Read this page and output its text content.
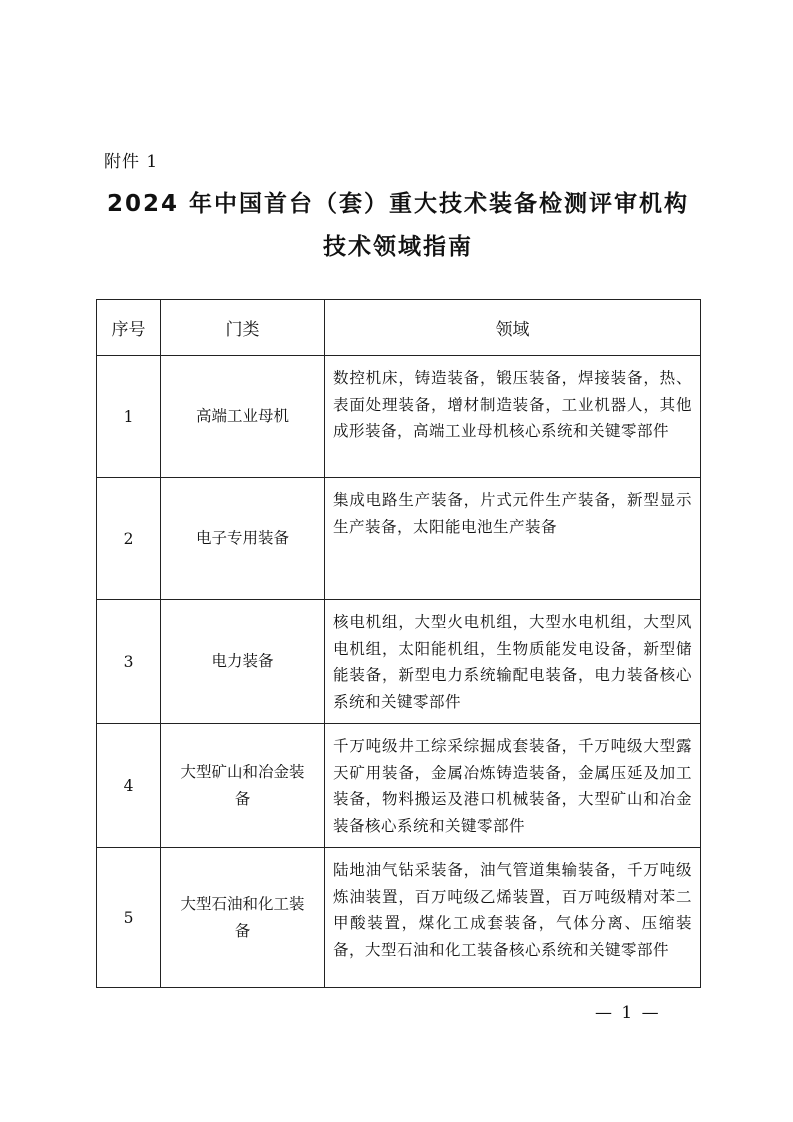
附件 1
2024 年中国首台（套）重大技术装备检测评审机构
技术领域指南
序号	门类	领域
1	高端工业母机	数控机床，铸造装备，锻压装备，焊接装备，热、表面处理装备，增材制造装备，工业机器人，其他成形装备，高端工业母机核心系统和关键零部件
2	电子专用装备	集成电路生产装备，片式元件生产装备，新型显示生产装备，太阳能电池生产装备
3	电力装备	核电机组，大型火电机组，大型水电机组，大型风电机组，太阳能机组，生物质能发电设备，新型储能装备，新型电力系统输配电装备，电力装备核心系统和关键零部件
4	大型矿山和冶金装备	千万吨级井工综采综掘成套装备，千万吨级大型露天矿用装备，金属冶炼铸造装备，金属压延及加工装备，物料搬运及港口机械装备，大型矿山和冶金装备核心系统和关键零部件
5	大型石油和化工装备	陆地油气钻采装备，油气管道集输装备，千万吨级炼油装置，百万吨级乙烯装置，百万吨级精对苯二甲酸装置，煤化工成套装备，气体分离、压缩装备，大型石油和化工装备核心系统和关键零部件
— 1 —
